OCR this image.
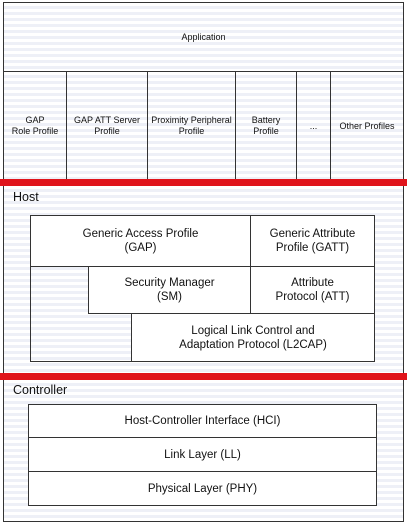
Application
GAP
Role Profile
GAP ATT Server
Profile
Proximity Peripheral
Profile
Battery
Profile
... Other Profiles
Host
Generic Access Profile
(GAP)
Generic Attribute
Profile (GATT)
Security Manager
(SM)
Attribute
Protocol (ATT)
Logical Link Control and
Adaptation Protocol (L2CAP)
Controller
Host-Controller Interface (HCI)
Link Layer (LL)
Physical Layer (PHY)
